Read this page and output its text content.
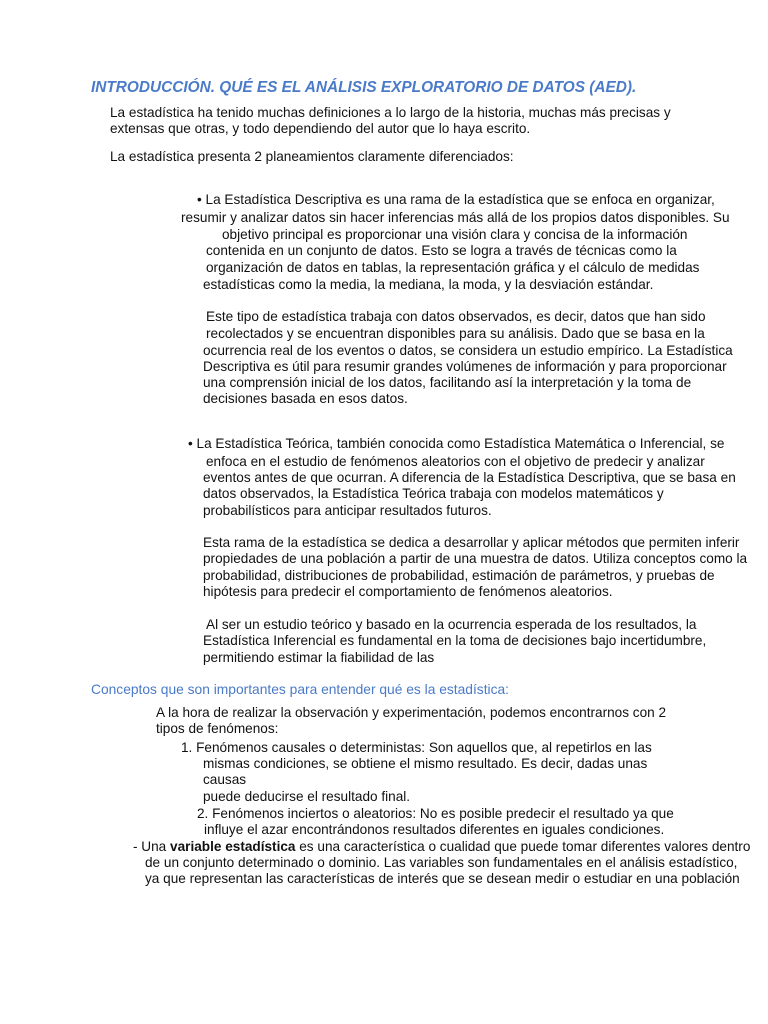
INTRODUCCIÓN. QUÉ ES EL ANÁLISIS EXPLORATORIO DE DATOS (AED).
La estadística ha tenido muchas definiciones a lo largo de la historia, muchas más precisas y
extensas que otras, y todo dependiendo del autor que lo haya escrito.
La estadística presenta 2 planeamientos claramente diferenciados:
• La Estadística Descriptiva es una rama de la estadística que se enfoca en organizar,
resumir y analizar datos sin hacer inferencias más allá de los propios datos disponibles. Su
objetivo principal es proporcionar una visión clara y concisa de la información
contenida en un conjunto de datos. Esto se logra a través de técnicas como la
organización de datos en tablas, la representación gráfica y el cálculo de medidas
estadísticas como la media, la mediana, la moda, y la desviación estándar.
Este tipo de estadística trabaja con datos observados, es decir, datos que han sido
recolectados y se encuentran disponibles para su análisis. Dado que se basa en la
ocurrencia real de los eventos o datos, se considera un estudio empírico. La Estadística
Descriptiva es útil para resumir grandes volúmenes de información y para proporcionar
una comprensión inicial de los datos, facilitando así la interpretación y la toma de
decisiones basada en esos datos.
• La Estadística Teórica, también conocida como Estadística Matemática o Inferencial, se
enfoca en el estudio de fenómenos aleatorios con el objetivo de predecir y analizar
eventos antes de que ocurran. A diferencia de la Estadística Descriptiva, que se basa en
datos observados, la Estadística Teórica trabaja con modelos matemáticos y
probabilísticos para anticipar resultados futuros.
Esta rama de la estadística se dedica a desarrollar y aplicar métodos que permiten inferir
propiedades de una población a partir de una muestra de datos. Utiliza conceptos como la
probabilidad, distribuciones de probabilidad, estimación de parámetros, y pruebas de
hipótesis para predecir el comportamiento de fenómenos aleatorios.
Al ser un estudio teórico y basado en la ocurrencia esperada de los resultados, la
Estadística Inferencial es fundamental en la toma de decisiones bajo incertidumbre,
permitiendo estimar la fiabilidad de las
Conceptos que son importantes para entender qué es la estadística:
A la hora de realizar la observación y experimentación, podemos encontrarnos con 2
tipos de fenómenos:
1. Fenómenos causales o deterministas: Son aquellos que, al repetirlos en las
mismas condiciones, se obtiene el mismo resultado. Es decir, dadas unas
causas
puede deducirse el resultado final.
2. Fenómenos inciertos o aleatorios: No es posible predecir el resultado ya que
influye el azar encontrándonos resultados diferentes en iguales condiciones.
- Una variable estadística es una característica o cualidad que puede tomar diferentes valores dentro
de un conjunto determinado o dominio. Las variables son fundamentales en el análisis estadístico,
ya que representan las características de interés que se desean medir o estudiar en una población
